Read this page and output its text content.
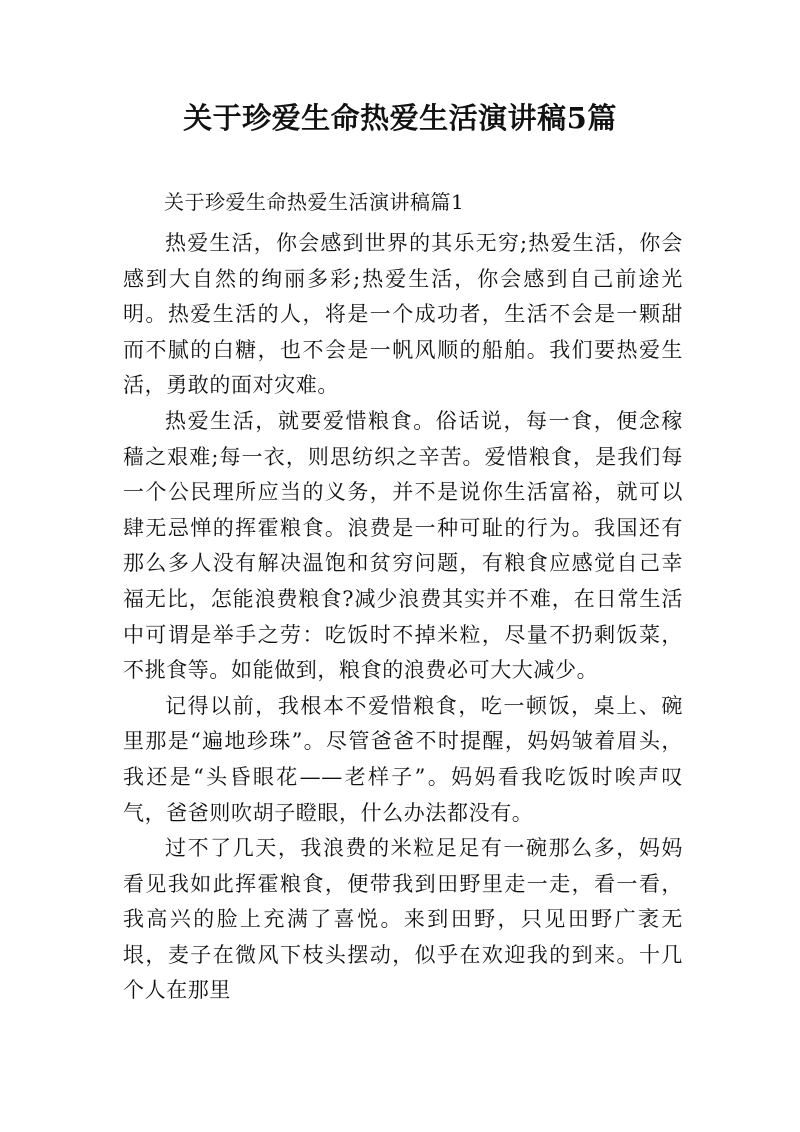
关于珍爱生命热爱生活演讲稿5篇
关于珍爱生命热爱生活演讲稿篇1

热爱生活，你会感到世界的其乐无穷;热爱生活，你会感到大自然的绚丽多彩;热爱生活，你会感到自己前途光明。热爱生活的人，将是一个成功者，生活不会是一颗甜而不腻的白糖，也不会是一帆风顺的船舶。我们要热爱生活，勇敢的面对灾难。

热爱生活，就要爱惜粮食。俗话说，每一食，便念稼穑之艰难;每一衣，则思纺织之辛苦。爱惜粮食，是我们每一个公民理所应当的义务，并不是说你生活富裕，就可以肆无忌惮的挥霍粮食。浪费是一种可耻的行为。我国还有那么多人没有解决温饱和贫穷问题，有粮食应感觉自己幸福无比，怎能浪费粮食?减少浪费其实并不难，在日常生活中可谓是举手之劳：吃饭时不掉米粒，尽量不扔剩饭菜，不挑食等。如能做到，粮食的浪费必可大大减少。

记得以前，我根本不爱惜粮食，吃一顿饭，桌上、碗里那是“遍地珍珠”。尽管爸爸不时提醒，妈妈皱着眉头，我还是“头昏眼花——老样子”。妈妈看我吃饭时唉声叹气，爸爸则吹胡子瞪眼，什么办法都没有。

过不了几天，我浪费的米粒足足有一碗那么多，妈妈看见我如此挥霍粮食，便带我到田野里走一走，看一看，我高兴的脸上充满了喜悦。来到田野，只见田野广袤无垠，麦子在微风下枝头摆动，似乎在欢迎我的到来。十几个人在那里
